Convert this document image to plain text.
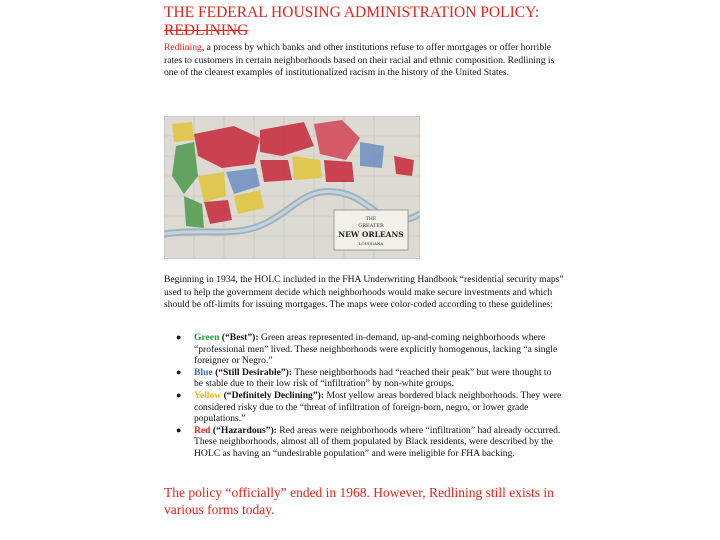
THE FEDERAL HOUSING ADMINISTRATION POLICY:
REDLINING
Redlining, a process by which banks and other institutions refuse to offer mortgages or offer horrible rates to customers in certain neighborhoods based on their racial and ethnic composition. Redlining is one of the clearest examples of institutionalized racism in the history of the United States.
THE
GREATER
NEW ORLEANS
LOUISIANA
Beginning in 1934, the HOLC included in the FHA Underwriting Handbook “residential security maps” used to help the government decide which neighborhoods would make secure investments and which should be off-limits for issuing mortgages. The maps were color-coded according to these guidelines:
● Green (“Best”): Green areas represented in-demand, up-and-coming neighborhoods where “professional men” lived. These neighborhoods were explicitly homogenous, lacking “a single foreigner or Negro.”
● Blue (“Still Desirable”): These neighborhoods had “reached their peak” but were thought to be stable due to their low risk of “infiltration” by non-white groups.
● Yellow (“Definitely Declining”): Most yellow areas bordered black neighborhoods. They were considered risky due to the “threat of infiltration of foreign-born, negro, or lower grade populations.”
● Red (“Hazardous”): Red areas were neighborhoods where “infiltration” had already occurred. These neighborhoods, almost all of them populated by Black residents, were described by the HOLC as having an “undesirable population” and were ineligible for FHA backing.
The policy “officially” ended in 1968. However, Redlining still exists in various forms today.
